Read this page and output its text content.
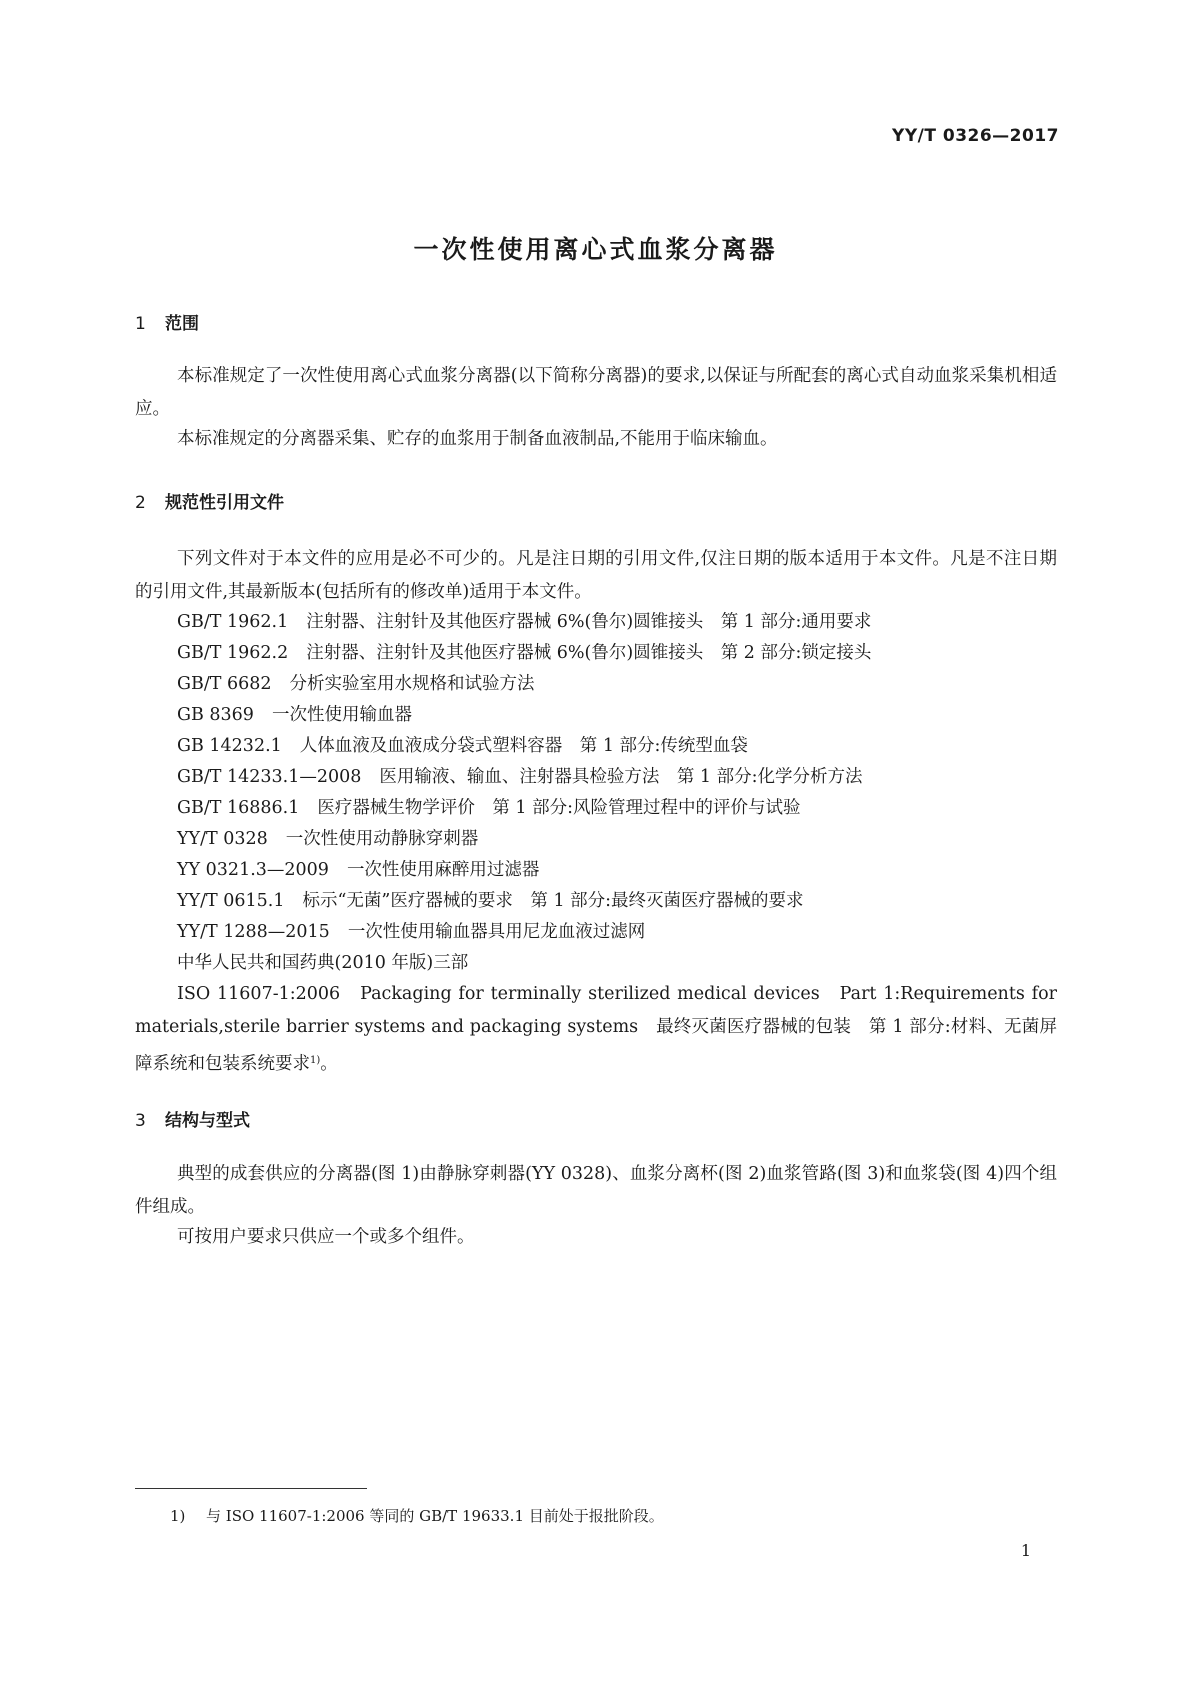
YY/T 0326—2017
一次性使用离心式血浆分离器
1 范围
本标准规定了一次性使用离心式血浆分离器(以下简称分离器)的要求,以保证与所配套的离心式自动血浆采集机相适应。
本标准规定的分离器采集、贮存的血浆用于制备血液制品,不能用于临床输血。
2 规范性引用文件
下列文件对于本文件的应用是必不可少的。凡是注日期的引用文件,仅注日期的版本适用于本文件。凡是不注日期的引用文件,其最新版本(包括所有的修改单)适用于本文件。
GB/T 1962.1 注射器、注射针及其他医疗器械 6%(鲁尔)圆锥接头　第 1 部分:通用要求
GB/T 1962.2 注射器、注射针及其他医疗器械 6%(鲁尔)圆锥接头　第 2 部分:锁定接头
GB/T 6682 分析实验室用水规格和试验方法
GB 8369 一次性使用输血器
GB 14232.1 人体血液及血液成分袋式塑料容器　第 1 部分:传统型血袋
GB/T 14233.1—2008 医用输液、输血、注射器具检验方法　第 1 部分:化学分析方法
GB/T 16886.1 医疗器械生物学评价　第 1 部分:风险管理过程中的评价与试验
YY/T 0328 一次性使用动静脉穿刺器
YY 0321.3—2009 一次性使用麻醉用过滤器
YY/T 0615.1 标示“无菌”医疗器械的要求　第 1 部分:最终灭菌医疗器械的要求
YY/T 1288—2015 一次性使用输血器具用尼龙血液过滤网
中华人民共和国药典(2010 年版)三部
ISO 11607-1:2006　Packaging for terminally sterilized medical devices　Part 1:Requirements for materials,sterile barrier systems and packaging systems　最终灭菌医疗器械的包装　第 1 部分:材料、无菌屏障系统和包装系统要求$^{1)}$。
3 结构与型式
典型的成套供应的分离器(图 1)由静脉穿刺器(YY 0328)、血浆分离杯(图 2)血浆管路(图 3)和血浆袋(图 4)四个组件组成。
可按用户要求只供应一个或多个组件。
1) 与 ISO 11607-1:2006 等同的 GB/T 19633.1 目前处于报批阶段。
1
